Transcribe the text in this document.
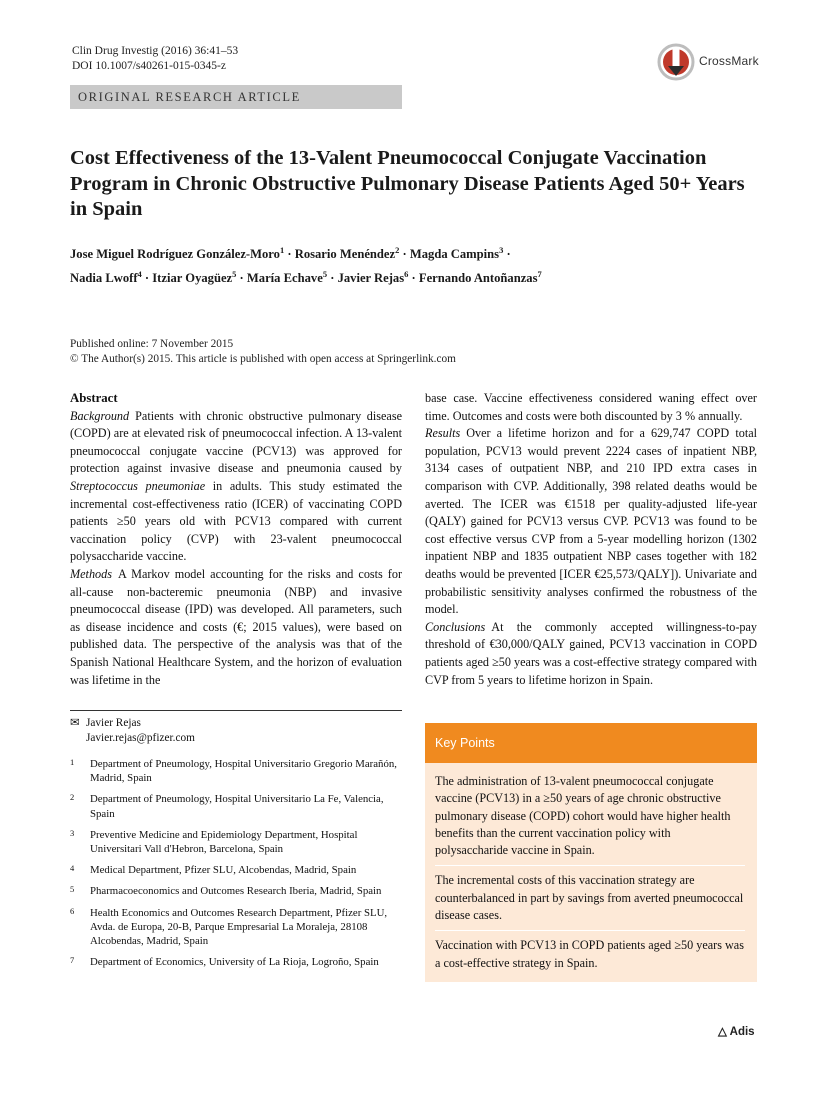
Clin Drug Investig (2016) 36:41–53
DOI 10.1007/s40261-015-0345-z	CrossMark
ORIGINAL RESEARCH ARTICLE
Cost Effectiveness of the 13-Valent Pneumococcal Conjugate Vaccination Program in Chronic Obstructive Pulmonary Disease Patients Aged 50+ Years in Spain
Jose Miguel Rodríguez González-Moro$^1$ · Rosario Menéndez$^2$ · Magda Campins$^3$ ·
Nadia Lwoff$^4$ · Itziar Oyagüez$^5$ · María Echave$^5$ · Javier Rejas$^6$ · Fernando Antoñanzas$^7$
Published online: 7 November 2015
© The Author(s) 2015. This article is published with open access at Springerlink.com
Abstract
Background Patients with chronic obstructive pulmonary disease (COPD) are at elevated risk of pneumococcal infection. A 13-valent pneumococcal conjugate vaccine (PCV13) was approved for protection against invasive disease and pneumonia caused by Streptococcus pneumoniae in adults. This study estimated the incremental cost-effectiveness ratio (ICER) of vaccinating COPD patients ≥50 years old with PCV13 compared with current vaccination policy (CVP) with 23-valent pneumococcal polysaccharide vaccine.
Methods A Markov model accounting for the risks and costs for all-cause non-bacteremic pneumonia (NBP) and invasive pneumococcal disease (IPD) was developed. All parameters, such as disease incidence and costs (€; 2015 values), were based on published data. The perspective of the analysis was that of the Spanish National Healthcare System, and the horizon of evaluation was lifetime in the
base case. Vaccine effectiveness considered waning effect over time. Outcomes and costs were both discounted by 3 % annually.
Results Over a lifetime horizon and for a 629,747 COPD total population, PCV13 would prevent 2224 cases of inpatient NBP, 3134 cases of outpatient NBP, and 210 IPD extra cases in comparison with CVP. Additionally, 398 related deaths would be averted. The ICER was €1518 per quality-adjusted life-year (QALY) gained for PCV13 versus CVP. PCV13 was found to be cost effective versus CVP from a 5-year modelling horizon (1302 inpatient NBP and 1835 outpatient NBP cases together with 182 deaths would be prevented [ICER €25,573/QALY]). Univariate and probabilistic sensitivity analyses confirmed the robustness of the model.
Conclusions At the commonly accepted willingness-to-pay threshold of €30,000/QALY gained, PCV13 vaccination in COPD patients aged ≥50 years was a cost-effective strategy compared with CVP from 5 years to lifetime horizon in Spain.
✉ Javier Rejas
Javier.rejas@pfizer.com
1	Department of Pneumology, Hospital Universitario Gregorio Marañón, Madrid, Spain
2	Department of Pneumology, Hospital Universitario La Fe, Valencia, Spain
3	Preventive Medicine and Epidemiology Department, Hospital Universitari Vall d'Hebron, Barcelona, Spain
4	Medical Department, Pfizer SLU, Alcobendas, Madrid, Spain
5	Pharmacoeconomics and Outcomes Research Iberia, Madrid, Spain
6	Health Economics and Outcomes Research Department, Pfizer SLU, Avda. de Europa, 20-B, Parque Empresarial La Moraleja, 28108 Alcobendas, Madrid, Spain
7	Department of Economics, University of La Rioja, Logroño, Spain
Key Points
The administration of 13-valent pneumococcal conjugate vaccine (PCV13) in a ≥50 years of age chronic obstructive pulmonary disease (COPD) cohort would have higher health benefits than the current vaccination policy with polysaccharide vaccine in Spain.
The incremental costs of this vaccination strategy are counterbalanced in part by savings from averted pneumococcal disease cases.
Vaccination with PCV13 in COPD patients aged ≥50 years was a cost-effective strategy in Spain.
△ Adis
